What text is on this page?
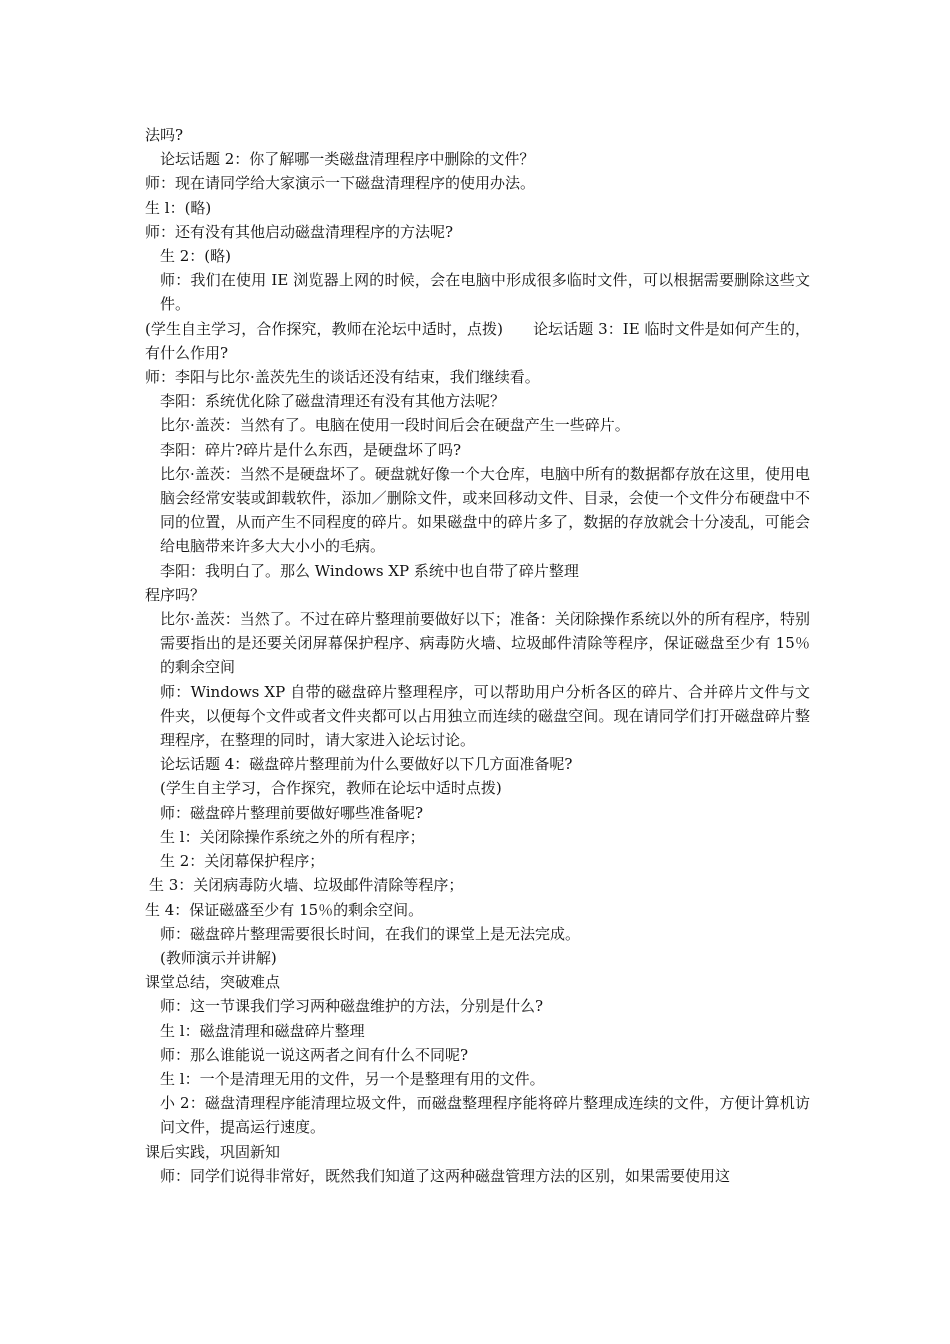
法吗?
论坛话题 2：你了解哪一类磁盘清理程序中删除的文件？
师：现在请同学给大家演示一下磁盘清理程序的使用办法。
生 l：(略)
师：还有没有其他启动磁盘清理程序的方法呢?
生 2：(略)
师：我们在使用 IE 浏览器上网的时候，会在电脑中形成很多临时文件，可以根据需要删除这些文件。
(学生自主学习，合作探究，教师在沦坛中适时，点拨)　　论坛话题 3：IE 临时文件是如何产生的，有什么作用?
师：李阳与比尔·盖茨先生的谈话还没有结束，我们继续看。
李阳：系统优化除了磁盘清理还有没有其他方法呢？
比尔·盖茨：当然有了。电脑在使用一段时间后会在硬盘产生一些碎片。
李阳：碎片?碎片是什么东西，是硬盘坏了吗?
比尔·盖茨：当然不是硬盘坏了。硬盘就好像一个大仓库，电脑中所有的数据都存放在这里，使用电脑会经常安装或卸载软件，添加／删除文件，或来回移动文件、目录，会使一个文件分布硬盘中不同的位置，从而产生不同程度的碎片。如果磁盘中的碎片多了，数据的存放就会十分凌乱，可能会给电脑带来许多大大小小的毛病。
李阳：我明白了。那么 Windows XP 系统中也自带了碎片整理
程序吗？
比尔·盖茨：当然了。不过在碎片整理前要做好以下；准备：关闭除操作系统以外的所有程序，特别需要指出的是还要关闭屏幕保护程序、病毒防火墙、垃圾邮件清除等程序，保证磁盘至少有 15％的剩余空间
师：Windows XP 自带的磁盘碎片整理程序，可以帮助用户分析各区的碎片、合并碎片文件与文件夹，以便每个文件或者文件夹都可以占用独立而连续的磁盘空间。现在请同学们打开磁盘碎片整理程序，在整理的同时，请大家进入论坛讨论。
论坛话题 4：磁盘碎片整理前为什么要做好以下几方面准备呢?
(学生自主学习，合作探究，教师在论坛中适时点拨)
师：磁盘碎片整理前要做好哪些准备呢?
生 l：关闭除操作系统之外的所有程序；
生 2：关闭幕保护程序；
生 3：关闭病毒防火墙、垃圾邮件清除等程序；
生 4：保证磁盛至少有 15％的剩余空间。
师：磁盘碎片整理需要很长时间，在我们的课堂上是无法完成。
(教师演示并讲解)
课堂总结，突破难点
师：这一节课我们学习两种磁盘维护的方法，分别是什么?
生 l：磁盘清理和磁盘碎片整理
师：那么谁能说一说这两者之间有什么不同呢?
生 l：一个是清理无用的文件，另一个是整理有用的文件。
小 2：磁盘清理程序能清理垃圾文件，而磁盘整理程序能将碎片整理成连续的文件，方便计算机访问文件，提高运行速度。
课后实践，巩固新知
师：同学们说得非常好，既然我们知道了这两种磁盘管理方法的区别，如果需要使用这
